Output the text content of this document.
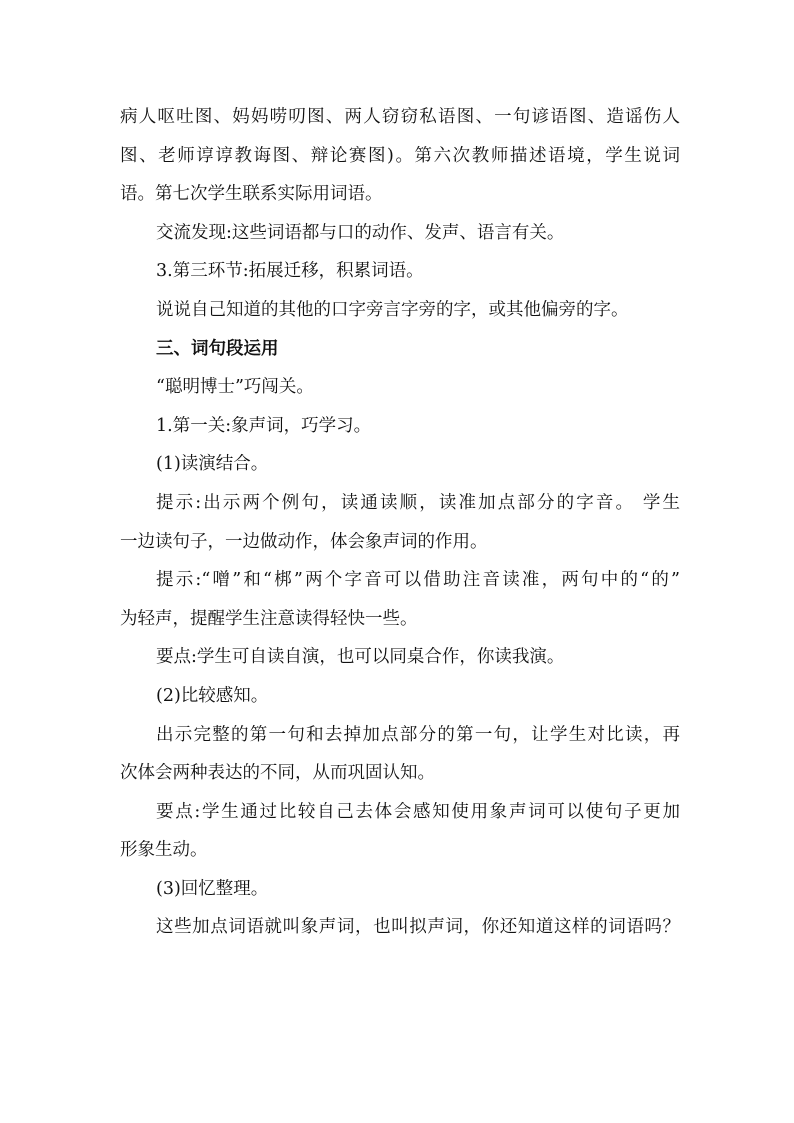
病人呕吐图、妈妈唠叨图、两人窃窃私语图、一句谚语图、造谣伤人
图、老师谆谆教诲图、辩论赛图)。第六次教师描述语境，学生说词
语。第七次学生联系实际用词语。
交流发现:这些词语都与口的动作、发声、语言有关。
3.第三环节:拓展迁移，积累词语。
说说自己知道的其他的口字旁言字旁的字，或其他偏旁的字。
三、词句段运用
“聪明博士”巧闯关。
1.第一关:象声词，巧学习。
(1)读演结合。
提示:出示两个例句，读通读顺，读准加点部分的字音。 学生
一边读句子，一边做动作，体会象声词的作用。
提示:“噌”和“梆”两个字音可以借助注音读准，两句中的“的”
为轻声，提醒学生注意读得轻快一些。
要点:学生可自读自演，也可以同桌合作，你读我演。
(2)比较感知。
出示完整的第一句和去掉加点部分的第一句，让学生对比读，再
次体会两种表达的不同，从而巩固认知。
要点:学生通过比较自己去体会感知使用象声词可以使句子更加
形象生动。
(3)回忆整理。
这些加点词语就叫象声词，也叫拟声词，你还知道这样的词语吗？
